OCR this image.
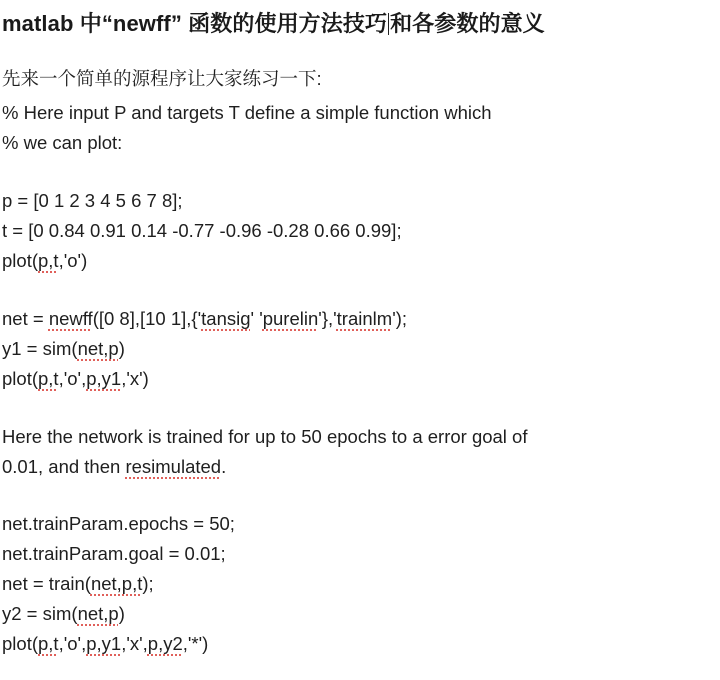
matlab 中“newff” 函数的使用方法技巧 和各参数的意义
先来一个简单的源程序让大家练习一下:
% Here input P and targets T define a simple function which
% we can plot:
p = [0 1 2 3 4 5 6 7 8];
t = [0 0.84 0.91 0.14 -0.77 -0.96 -0.28 0.66 0.99];
plot(p,t,'o')
net = newff([0 8],[10 1],{'tansig' 'purelin'},'trainlm');
y1 = sim(net,p)
plot(p,t,'o',p,y1,'x')
Here the network is trained for up to 50 epochs to a error goal of
0.01, and then resimulated.
net.trainParam.epochs = 50;
net.trainParam.goal = 0.01;
net = train(net,p,t);
y2 = sim(net,p)
plot(p,t,'o',p,y1,'x',p,y2,'*')
